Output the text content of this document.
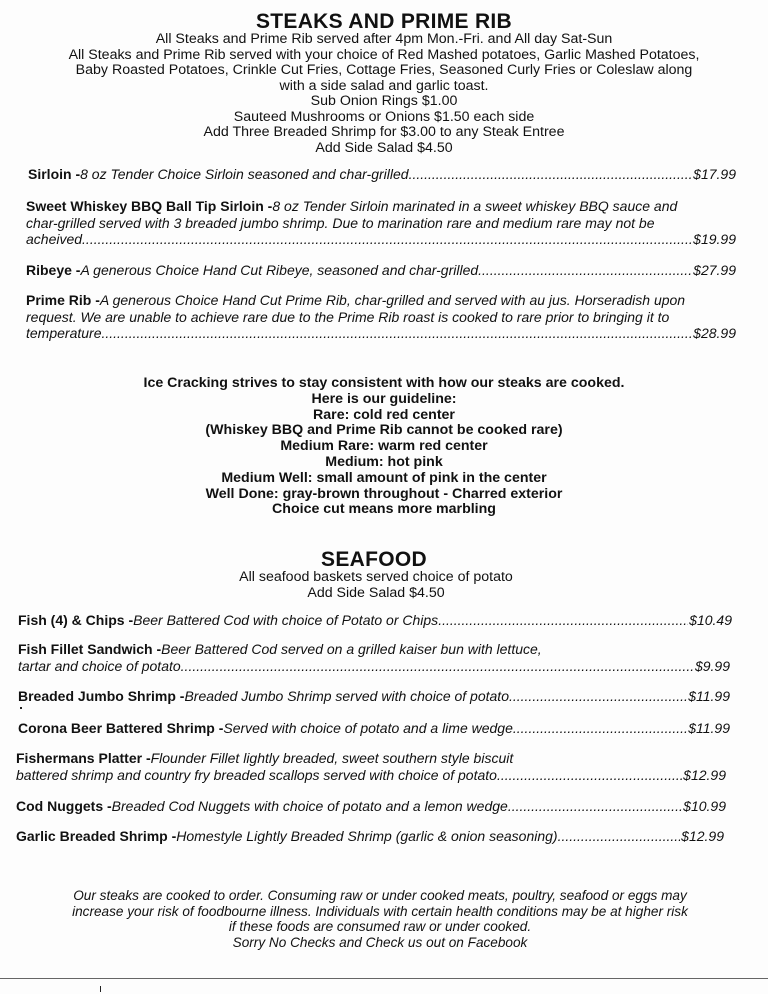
STEAKS AND PRIME RIB
All Steaks and Prime Rib served after 4pm Mon.-Fri. and All day Sat-Sun
All Steaks and Prime Rib served with your choice of Red Mashed potatoes, Garlic Mashed Potatoes,
Baby Roasted Potatoes, Crinkle Cut Fries, Cottage Fries, Seasoned Curly Fries or Coleslaw along
with a side salad and garlic toast.
Sub Onion Rings $1.00
Sauteed Mushrooms or Onions $1.50 each side
Add Three Breaded Shrimp for $3.00 to any Steak Entree
Add Side Salad $4.50
Sirloin - 8 oz Tender Choice Sirloin seasoned and char-grilled .....	$17.99
Sweet Whiskey BBQ Ball Tip Sirloin - 8 oz Tender Sirloin marinated in a sweet whiskey BBQ sauce and
char-grilled served with 3 breaded jumbo shrimp. Due to marination rare and medium rare may not be
acheived .....	$19.99
Ribeye - A generous Choice Hand Cut Ribeye, seasoned and char-grilled .....	$27.99
Prime Rib - A generous Choice Hand Cut Prime Rib, char-grilled and served with au jus. Horseradish upon
request. We are unable to achieve rare due to the Prime Rib roast is cooked to rare prior to bringing it to
temperature .....	$28.99
Ice Cracking strives to stay consistent with how our steaks are cooked.
Here is our guideline:
Rare: cold red center
(Whiskey BBQ and Prime Rib cannot be cooked rare)
Medium Rare: warm red center
Medium: hot pink
Medium Well: small amount of pink in the center
Well Done: gray-brown throughout - Charred exterior
Choice cut means more marbling
SEAFOOD
All seafood baskets served choice of potato
Add Side Salad $4.50
Fish (4) & Chips - Beer Battered Cod with choice of Potato or Chips .....	$10.49
Fish Fillet Sandwich - Beer Battered Cod served on a grilled kaiser bun with lettuce,
tartar and choice of potato .....	$9.99
Breaded Jumbo Shrimp - Breaded Jumbo Shrimp served with choice of potato .....	$11.99
Corona Beer Battered Shrimp - Served with choice of potato and a lime wedge .....	$11.99
Fishermans Platter - Flounder Fillet lightly breaded, sweet southern style biscuit
battered shrimp and country fry breaded scallops served with choice of potato .....	$12.99
Cod Nuggets - Breaded Cod Nuggets with choice of potato and a lemon wedge .....	$10.99
Garlic Breaded Shrimp - Homestyle Lightly Breaded Shrimp (garlic & onion seasoning) .....	$12.99
Our steaks are cooked to order. Consuming raw or under cooked meats, poultry, seafood or eggs may
increase your risk of foodbourne illness. Individuals with certain health conditions may be at higher risk
if these foods are consumed raw or under cooked.
Sorry No Checks and Check us out on Facebook
